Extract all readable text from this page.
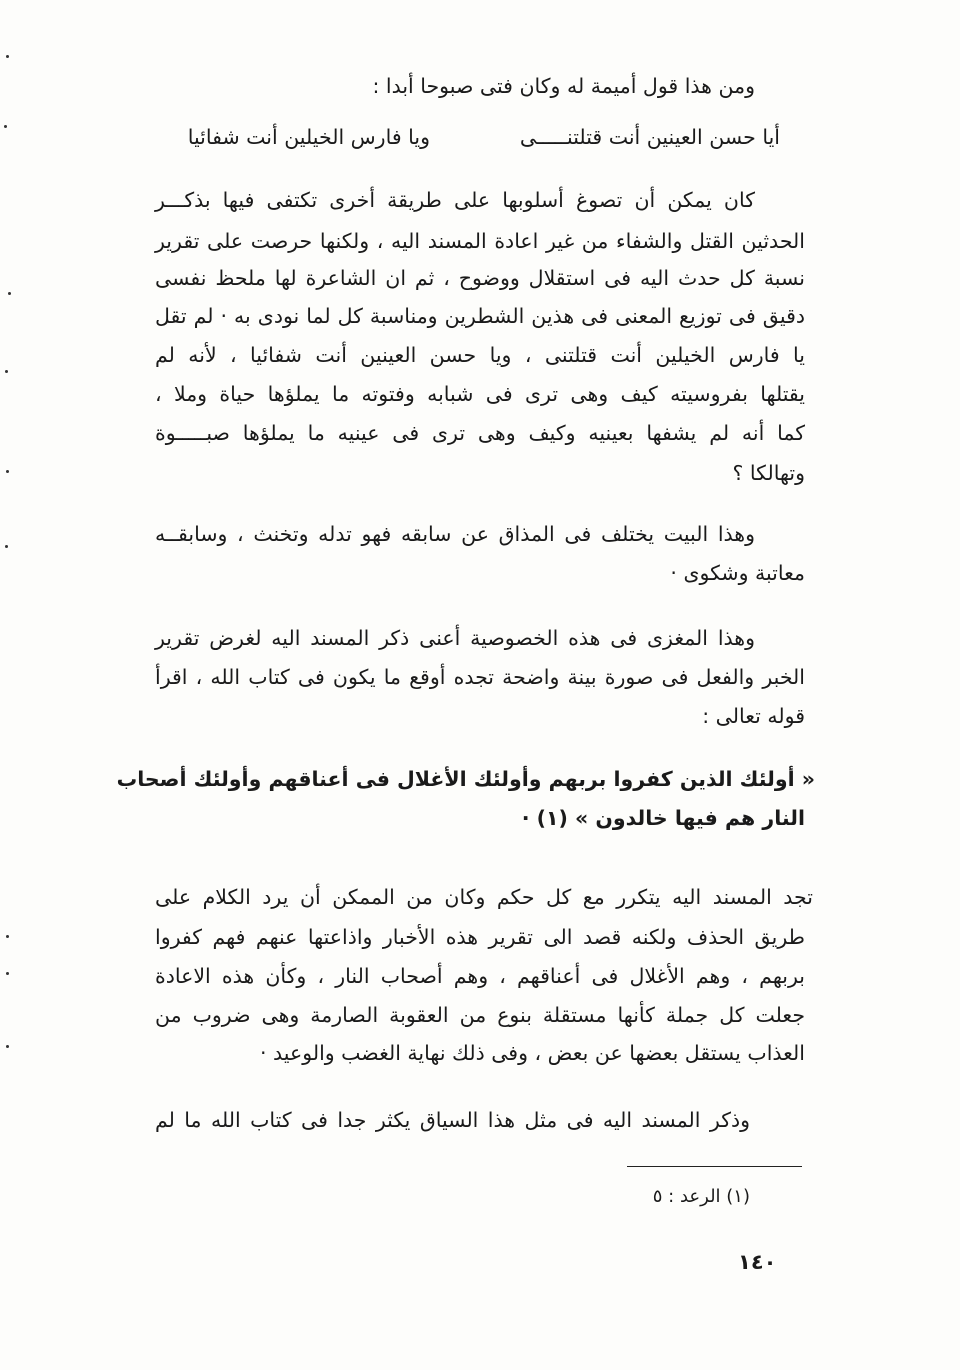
ومن هذا قول أميمة له وكان فتى صبوحا أبدا :
أيا حسن العينين أنت قتلتنـــــى
ويا فارس الخيلين أنت شفائيا
كان يمكن أن تصوغ أسلوبها على طريقة أخرى تكتفى فيها بذكـــر
الحدثين القتل والشفاء من غير اعادة المسند اليه ، ولكنها حرصت على تقرير
نسبة كل حدث اليه فى استقلال ووضوح ، ثم ان الشاعرة لها ملحظ نفسى
دقيق فى توزيع المعنى فى هذين الشطرين ومناسبة كل لما نودى به · لم تقل
يا فارس الخيلين أنت قتلتنى ، ويا حسن العينين أنت شفائيا ، لأنه لم
يقتلها بفروسيته كيف وهى ترى فى شبابه وفتوته ما يملؤها حياة وملا ،
كما أنه لم يشفها بعينيه وكيف وهى ترى فى عينيه ما يملؤها صبـــــوة
وتهالكا ؟
وهذا البيت يختلف فى المذاق عن سابقه فهو تدله وتخنث ، وسابقــه
معاتبة وشكوى ·
وهذا المغزى فى هذه الخصوصية أعنى ذكر المسند اليه لغرض تقرير
الخبر والفعل فى صورة بينة واضحة تجده أوقع ما يكون فى كتاب الله ، اقرأ
قوله تعالى :
« أولئك الذين كفروا بربهم وأولئك الأغلال فى أعناقهم وأولئك أصحاب
النار هم فيها خالدون » (١) ·
تجد المسند اليه يتكرر مع كل حكم وكان من الممكن أن يرد الكلام على
طريق الحذف ولكنه قصد الى تقرير هذه الأخبار واذاعتها عنهم فهم كفروا
بربهم ، وهم الأغلال فى أعناقهم ، وهم أصحاب النار ، وكأن هذه الاعادة
جعلت كل جملة كأنها مستقلة بنوع من العقوبة الصارمة وهى ضروب من
العذاب يستقل بعضها عن بعض ، وفى ذلك نهاية الغضب والوعيد ·
وذكر المسند اليه فى مثل هذا السياق يكثر جدا فى كتاب الله ما لم
(١) الرعد : ٥
١٤٠
